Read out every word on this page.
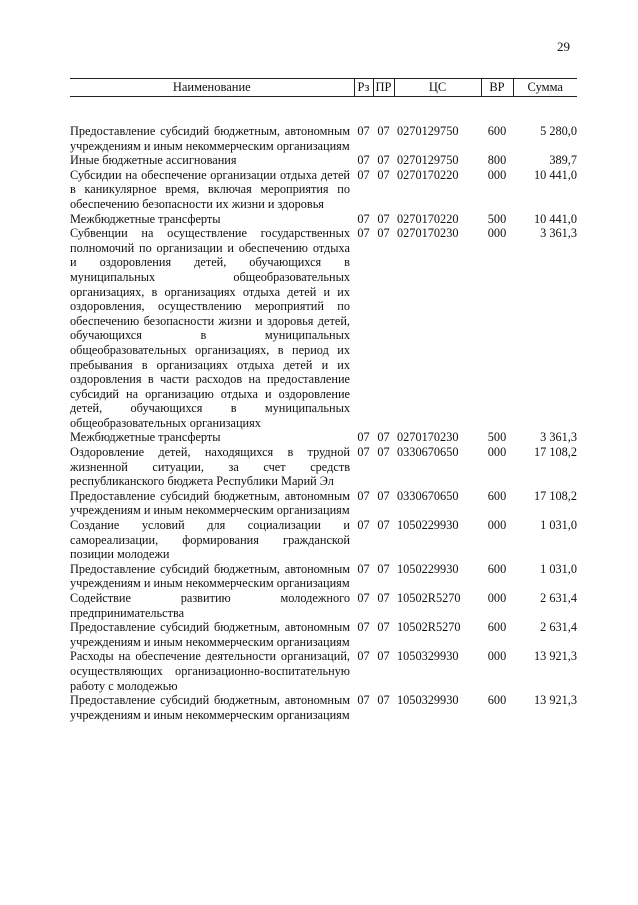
29
Наименование	Рз	ПР	ЦС	ВР	Сумма
Предоставление субсидий бюджетным, автономным учреждениям и иным некоммерческим организациям	07	07	0270129750	600	5 280,0
Иные бюджетные ассигнования	07	07	0270129750	800	389,7
Субсидии на обеспечение организации отдыха детей в каникулярное время, включая мероприятия по обеспечению безопасности их жизни и здоровья	07	07	0270170220	000	10 441,0
Межбюджетные трансферты	07	07	0270170220	500	10 441,0
Субвенции на осуществление государственных полномочий по организации и обеспечению отдыха и оздоровления детей, обучающихся в муниципальных общеобразовательных организациях, в организациях отдыха детей и их оздоровления, осуществлению мероприятий по обеспечению безопасности жизни и здоровья детей, обучающихся в муниципальных общеобразовательных организациях, в период их пребывания в организациях отдыха детей и их оздоровления в части расходов на предоставление субсидий на организацию отдыха и оздоровление детей, обучающихся в муниципальных общеобразовательных организациях	07	07	0270170230	000	3 361,3
Межбюджетные трансферты	07	07	0270170230	500	3 361,3
Оздоровление детей, находящихся в трудной жизненной ситуации, за счет средств республиканского бюджета Республики Марий Эл	07	07	0330670650	000	17 108,2
Предоставление субсидий бюджетным, автономным учреждениям и иным некоммерческим организациям	07	07	0330670650	600	17 108,2
Создание условий для социализации и самореализации, формирования гражданской позиции молодежи	07	07	1050229930	000	1 031,0
Предоставление субсидий бюджетным, автономным учреждениям и иным некоммерческим организациям	07	07	1050229930	600	1 031,0
Содействие развитию молодежного предпринимательства	07	07	10502R5270	000	2 631,4
Предоставление субсидий бюджетным, автономным учреждениям и иным некоммерческим организациям	07	07	10502R5270	600	2 631,4
Расходы на обеспечение деятельности организаций, осуществляющих организационно-воспитательную работу с молодежью	07	07	1050329930	000	13 921,3
Предоставление субсидий бюджетным, автономным учреждениям и иным некоммерческим организациям	07	07	1050329930	600	13 921,3
